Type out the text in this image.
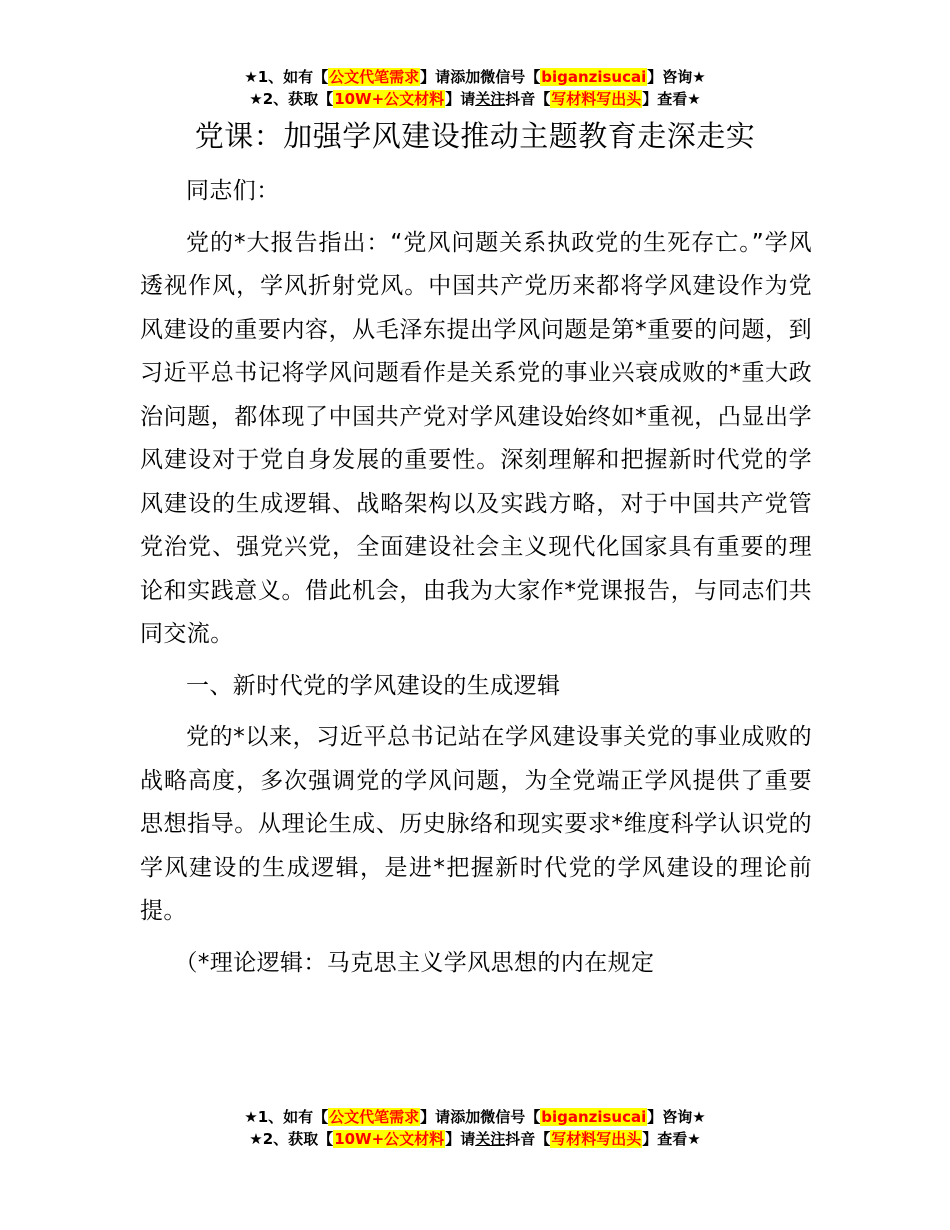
★1、如有【公文代笔需求】请添加微信号【biganzisucai】咨询★
★2、获取【10W+公文材料】请关注抖音【写材料写出头】查看★
党课：加强学风建设推动主题教育走深走实

同志们：

党的*大报告指出：“党风问题关系执政党的生死存亡。”学风透视作风，学风折射党风。中国共产党历来都将学风建设作为党风建设的重要内容，从毛泽东提出学风问题是第*重要的问题，到习近平总书记将学风问题看作是关系党的事业兴衰成败的*重大政治问题，都体现了中国共产党对学风建设始终如*重视，凸显出学风建设对于党自身发展的重要性。深刻理解和把握新时代党的学风建设的生成逻辑、战略架构以及实践方略，对于中国共产党管党治党、强党兴党，全面建设社会主义现代化国家具有重要的理论和实践意义。借此机会，由我为大家作*党课报告，与同志们共同交流。

一、新时代党的学风建设的生成逻辑

党的*以来，习近平总书记站在学风建设事关党的事业成败的战略高度，多次强调党的学风问题，为全党端正学风提供了重要思想指导。从理论生成、历史脉络和现实要求*维度科学认识党的学风建设的生成逻辑，是进*把握新时代党的学风建设的理论前提。

（*理论逻辑：马克思主义学风思想的内在规定

★1、如有【公文代笔需求】请添加微信号【biganzisucai】咨询★
★2、获取【10W+公文材料】请关注抖音【写材料写出头】查看★
